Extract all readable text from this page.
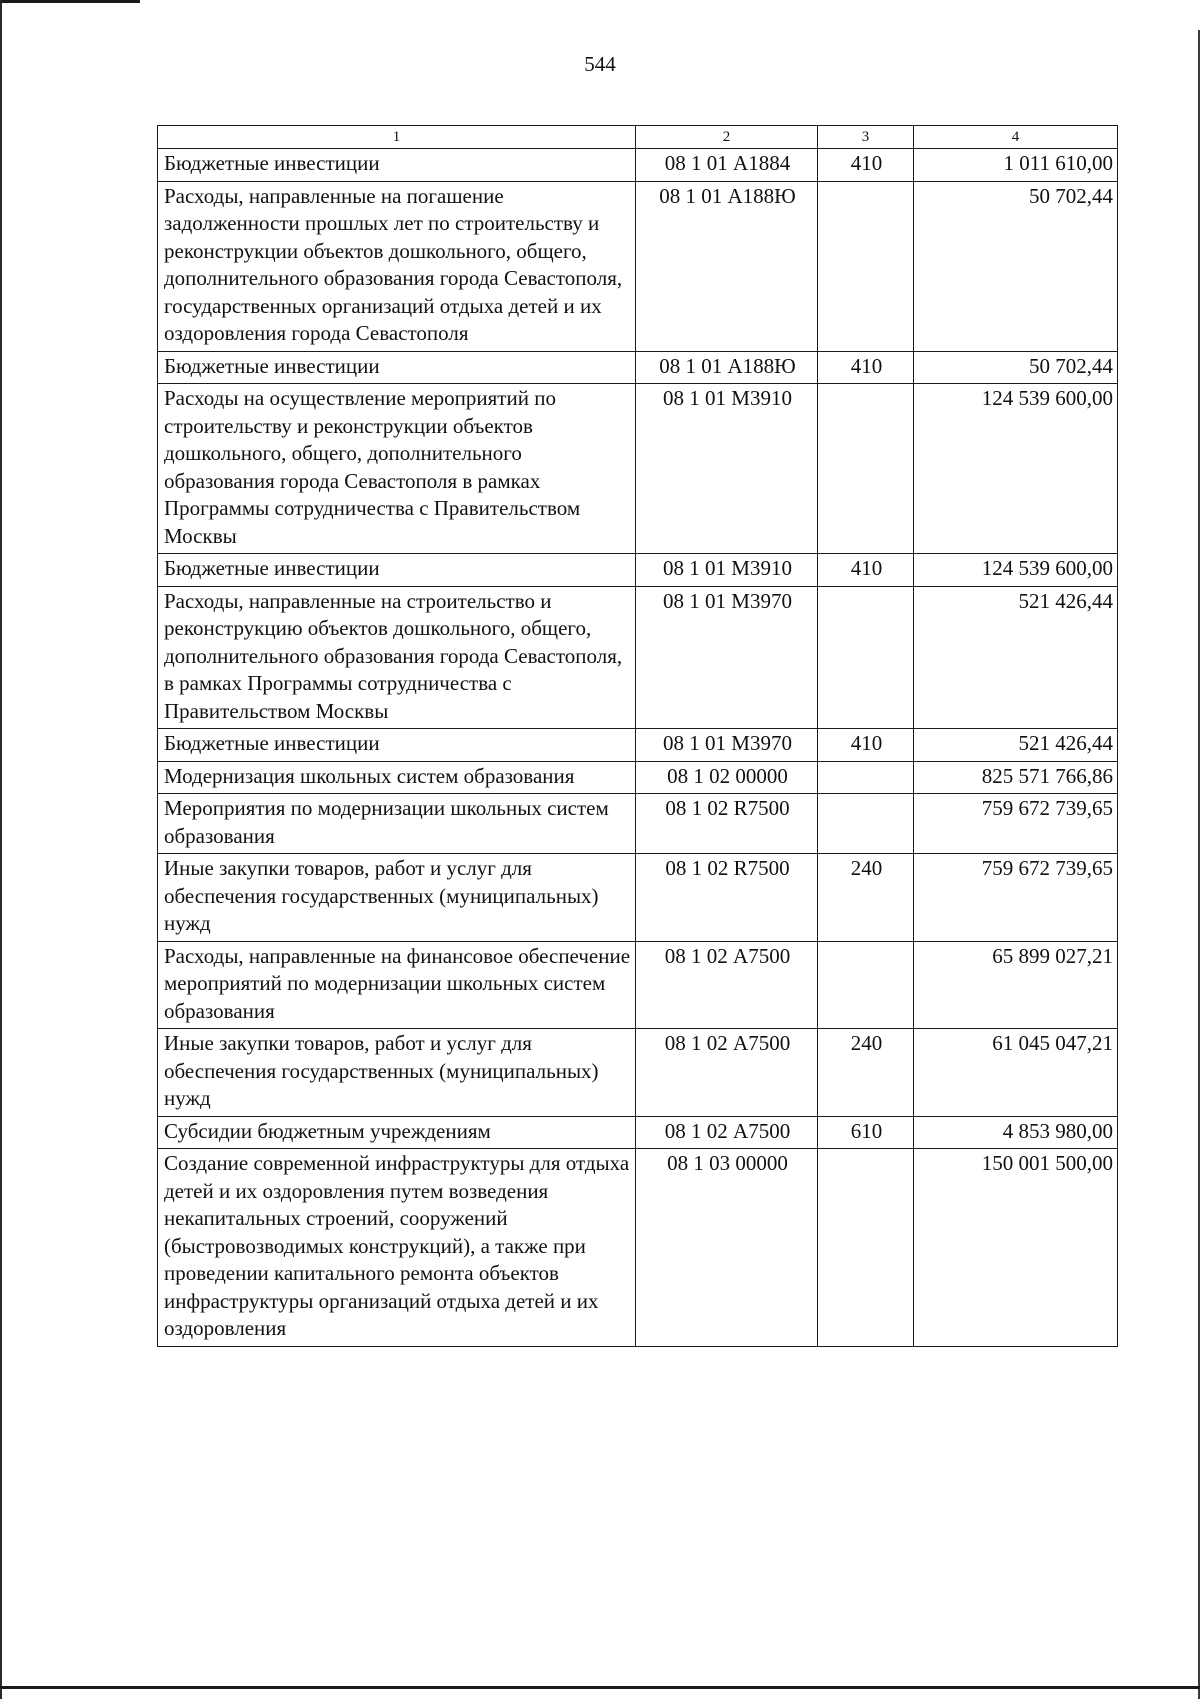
544
1	2	3	4
Бюджетные инвестиции	08 1 01 А1884	410	1 011 610,00
Расходы, направленные на погашение задолженности прошлых лет по строительству и реконструкции объектов дошкольного, общего, дополнительного образования города Севастополя, государственных организаций отдыха детей и их оздоровления города Севастополя	08 1 01 А188Ю		50 702,44
Бюджетные инвестиции	08 1 01 А188Ю	410	50 702,44
Расходы на осуществление мероприятий по строительству и реконструкции объектов дошкольного, общего, дополнительного образования города Севастополя в рамках Программы сотрудничества с Правительством Москвы	08 1 01 М3910		124 539 600,00
Бюджетные инвестиции	08 1 01 М3910	410	124 539 600,00
Расходы, направленные на строительство и реконструкцию объектов дошкольного, общего, дополнительного образования города Севастополя, в рамках Программы сотрудничества с Правительством Москвы	08 1 01 М3970		521 426,44
Бюджетные инвестиции	08 1 01 М3970	410	521 426,44
Модернизация школьных систем образования	08 1 02 00000		825 571 766,86
Мероприятия по модернизации школьных систем образования	08 1 02 R7500		759 672 739,65
Иные закупки товаров, работ и услуг для обеспечения государственных (муниципальных) нужд	08 1 02 R7500	240	759 672 739,65
Расходы, направленные на финансовое обеспечение мероприятий по модернизации школьных систем образования	08 1 02 А7500		65 899 027,21
Иные закупки товаров, работ и услуг для обеспечения государственных (муниципальных) нужд	08 1 02 А7500	240	61 045 047,21
Субсидии бюджетным учреждениям	08 1 02 А7500	610	4 853 980,00
Создание современной инфраструктуры для отдыха детей и их оздоровления путем возведения некапитальных строений, сооружений (быстровозводимых конструкций), а также при проведении капитального ремонта объектов инфраструктуры организаций отдыха детей и их оздоровления	08 1 03 00000		150 001 500,00
